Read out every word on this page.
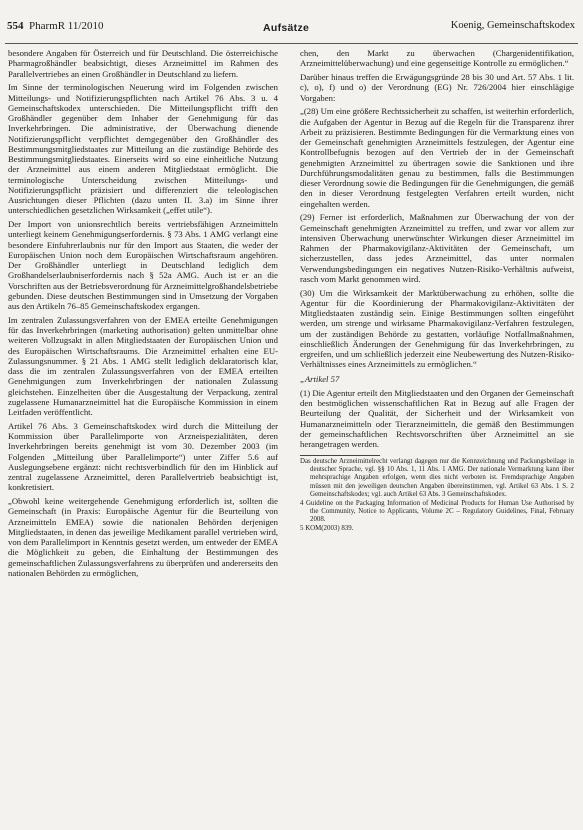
554 PharmR 11/2010	Aufsätze	Koenig, Gemeinschaftskodex

besondere Angaben für Österreich und für Deutschland. Die österreichische Pharmagroßhändler beabsichtigt, dieses Arzneimittel im Rahmen des Parallelvertriebes an einen Großhändler in Deutschland zu liefern.

Im Sinne der terminologischen Neuerung wird im Folgenden zwischen Mitteilungs- und Notifizierungspflichten nach Artikel 76 Abs. 3 u. 4 Gemeinschaftskodex unterschieden. Die Mitteilungspflicht trifft den Großhändler gegenüber dem Inhaber der Genehmigung für das Inverkehrbringen. Die administrative, der Überwachung dienende Notifizierungspflicht verpflichtet demgegenüber den Großhändler des Bestimmungsmitgliedstaates zur Mitteilung an die zuständige Behörde des Bestimmungsmitgliedstaates. Einerseits wird so eine einheitliche Nutzung der Arzneimittel aus einem anderen Mitgliedstaat ermöglicht. Die terminologische Unterscheidung zwischen Mitteilungs- und Notifizierungspflicht präzisiert und differenziert die teleologischen Ausrichtungen dieser Pflichten (dazu unten II. 3.a) im Sinne ihrer unterschiedlichen gesetzlichen Wirksamkeit („effet utile“).

Der Import von unionsrechtlich bereits vertriebsfähigen Arzneimitteln unterliegt keinem Genehmigungserfordernis. § 73 Abs. 1 AMG verlangt eine besondere Einfuhrerlaubnis nur für den Import aus Staaten, die weder der Europäischen Union noch dem Europäischen Wirtschaftsraum angehören. Der Großhändler unterliegt in Deutschland lediglich dem Großhandelserlaubniserfordernis nach § 52a AMG. Auch ist er an die Vorschriften aus der Betriebsverordnung für Arzneimittelgroßhandelsbetriebe gebunden. Diese deutschen Bestimmungen sind in Umsetzung der Vorgaben aus den Artikeln 76–85 Gemeinschaftskodex ergangen.

Im zentralen Zulassungsverfahren von der EMEA erteilte Genehmigungen für das Inverkehrbringen (marketing authorisation) gelten unmittelbar ohne weiteren Vollzugsakt in allen Mitgliedstaaten der Europäischen Union und des Europäischen Wirtschaftsraums. Die Arzneimittel erhalten eine EU-Zulassungsnummer. § 21 Abs. 1 AMG stellt lediglich deklaratorisch klar, dass die im zentralen Zulassungsverfahren von der EMEA erteilten Genehmigungen zum Inverkehrbringen der nationalen Zulassung gleichstehen. Einzelheiten über die Ausgestaltung der Verpackung, zentral zugelassene Humanarzneimittel hat die Europäische Kommission in einem Leitfaden veröffentlicht.

Artikel 76 Abs. 3 Gemeinschaftskodex wird durch die Mitteilung der Kommission über Parallelimporte von Arzneispezialitäten, deren Inverkehrbringen bereits genehmigt ist vom 30. Dezember 2003 (im Folgenden „Mitteilung über Parallelimporte“) unter Ziffer 5.6 auf Auslegungsebene ergänzt: nicht rechtsverbindlich für den im Hinblick auf zentral zugelassene Arzneimittel, deren Parallelvertrieb beabsichtigt ist, konkretisiert.

„Obwohl keine weitergehende Genehmigung erforderlich ist, sollten die Gemeinschaft (in Praxis: Europäische Agentur für die Beurteilung von Arzneimitteln EMEA) sowie die nationalen Behörden derjenigen Mitgliedstaaten, in denen das jeweilige Medikament parallel vertrieben wird, von dem Parallelimport in Kenntnis gesetzt werden, um entweder der EMEA die Möglichkeit zu geben, die Einhaltung der Bestimmungen des gemeinschaftlichen Zulassungsverfahrens zu überprüfen und andererseits den nationalen Behörden zu ermöglichen,

chen, den Markt zu überwachen (Chargenidentifikation, Arzneimittelüberwachung) und eine gegenseitige Kontrolle zu ermöglichen.“

Darüber hinaus treffen die Erwägungsgründe 28 bis 30 und Art. 57 Abs. 1 lit. c), o), f) und o) der Verordnung (EG) Nr. 726/2004 hier einschlägige Vorgaben:

„(28) Um eine größere Rechtssicherheit zu schaffen, ist weiterhin erforderlich, die Aufgaben der Agentur in Bezug auf die Regeln für die Transparenz ihrer Arbeit zu präzisieren. Bestimmte Bedingungen für die Vermarktung eines von der Gemeinschaft genehmigten Arzneimittels festzulegen, der Agentur eine Kontrollbefugnis bezogen auf den Vertrieb der in der Gemeinschaft genehmigten Arzneimittel zu übertragen sowie die Sanktionen und ihre Durchführungsmodalitäten genau zu bestimmen, falls die Bestimmungen dieser Verordnung sowie die Bedingungen für die Genehmigungen, die gemäß den in dieser Verordnung festgelegten Verfahren erteilt wurden, nicht eingehalten werden.

(29) Ferner ist erforderlich, Maßnahmen zur Überwachung der von der Gemeinschaft genehmigten Arzneimittel zu treffen, und zwar vor allem zur intensiven Überwachung unerwünschter Wirkungen dieser Arzneimittel im Rahmen der Pharmakovigilanz-Aktivitäten der Gemeinschaft, um sicherzustellen, dass jedes Arzneimittel, das unter normalen Verwendungsbedingungen ein negatives Nutzen-Risiko-Verhältnis aufweist, rasch vom Markt genommen wird.

(30) Um die Wirksamkeit der Marktüberwachung zu erhöhen, sollte die Agentur für die Koordinierung der Pharmakovigilanz-Aktivitäten der Mitgliedstaaten zuständig sein. Einige Bestimmungen sollten eingeführt werden, um strenge und wirksame Pharmakovigilanz-Verfahren festzulegen, um der zuständigen Behörde zu gestatten, vorläufige Notfallmaßnahmen, einschließlich Änderungen der Genehmigung für das Inverkehrbringen, zu ergreifen, und um schließlich jederzeit eine Neubewertung des Nutzen-Risiko-Verhältnisses eines Arzneimittels zu ermöglichen.“

„Artikel 57

(1) Die Agentur erteilt den Mitgliedstaaten und den Organen der Gemeinschaft den bestmöglichen wissenschaftlichen Rat in Bezug auf alle Fragen der Beurteilung der Qualität, der Sicherheit und der Wirksamkeit von Humanarzneimitteln oder Tierarzneimitteln, die gemäß den Bestimmungen der gemeinschaftlichen Rechtsvorschriften über Arzneimittel an sie herangetragen werden.

Das deutsche Arzneimittelrecht verlangt dagegen nur die Kennzeichnung und Packungsbeilage in deutscher Sprache, vgl. §§ 10 Abs. 1, 11 Abs. 1 AMG. Der nationale Vermarktung kann über mehrsprachige Angaben erfolgen, wenn dies nicht verboten ist. Fremdsprachige Angaben müssen mit den jeweiligen deutschen Angaben übereinstimmen, vgl. Artikel 63 Abs. 1 S. 2 Gemeinschaftskodex; vgl. auch Artikel 63 Abs. 3 Gemeinschaftskodex.

4 Guideline on the Packaging Information of Medicinal Products for Human Use Authorised by the Community, Notice to Applicants, Volume 2C – Regulatory Guidelines, Final, February 2008.

5 KOM(2003) 839.
